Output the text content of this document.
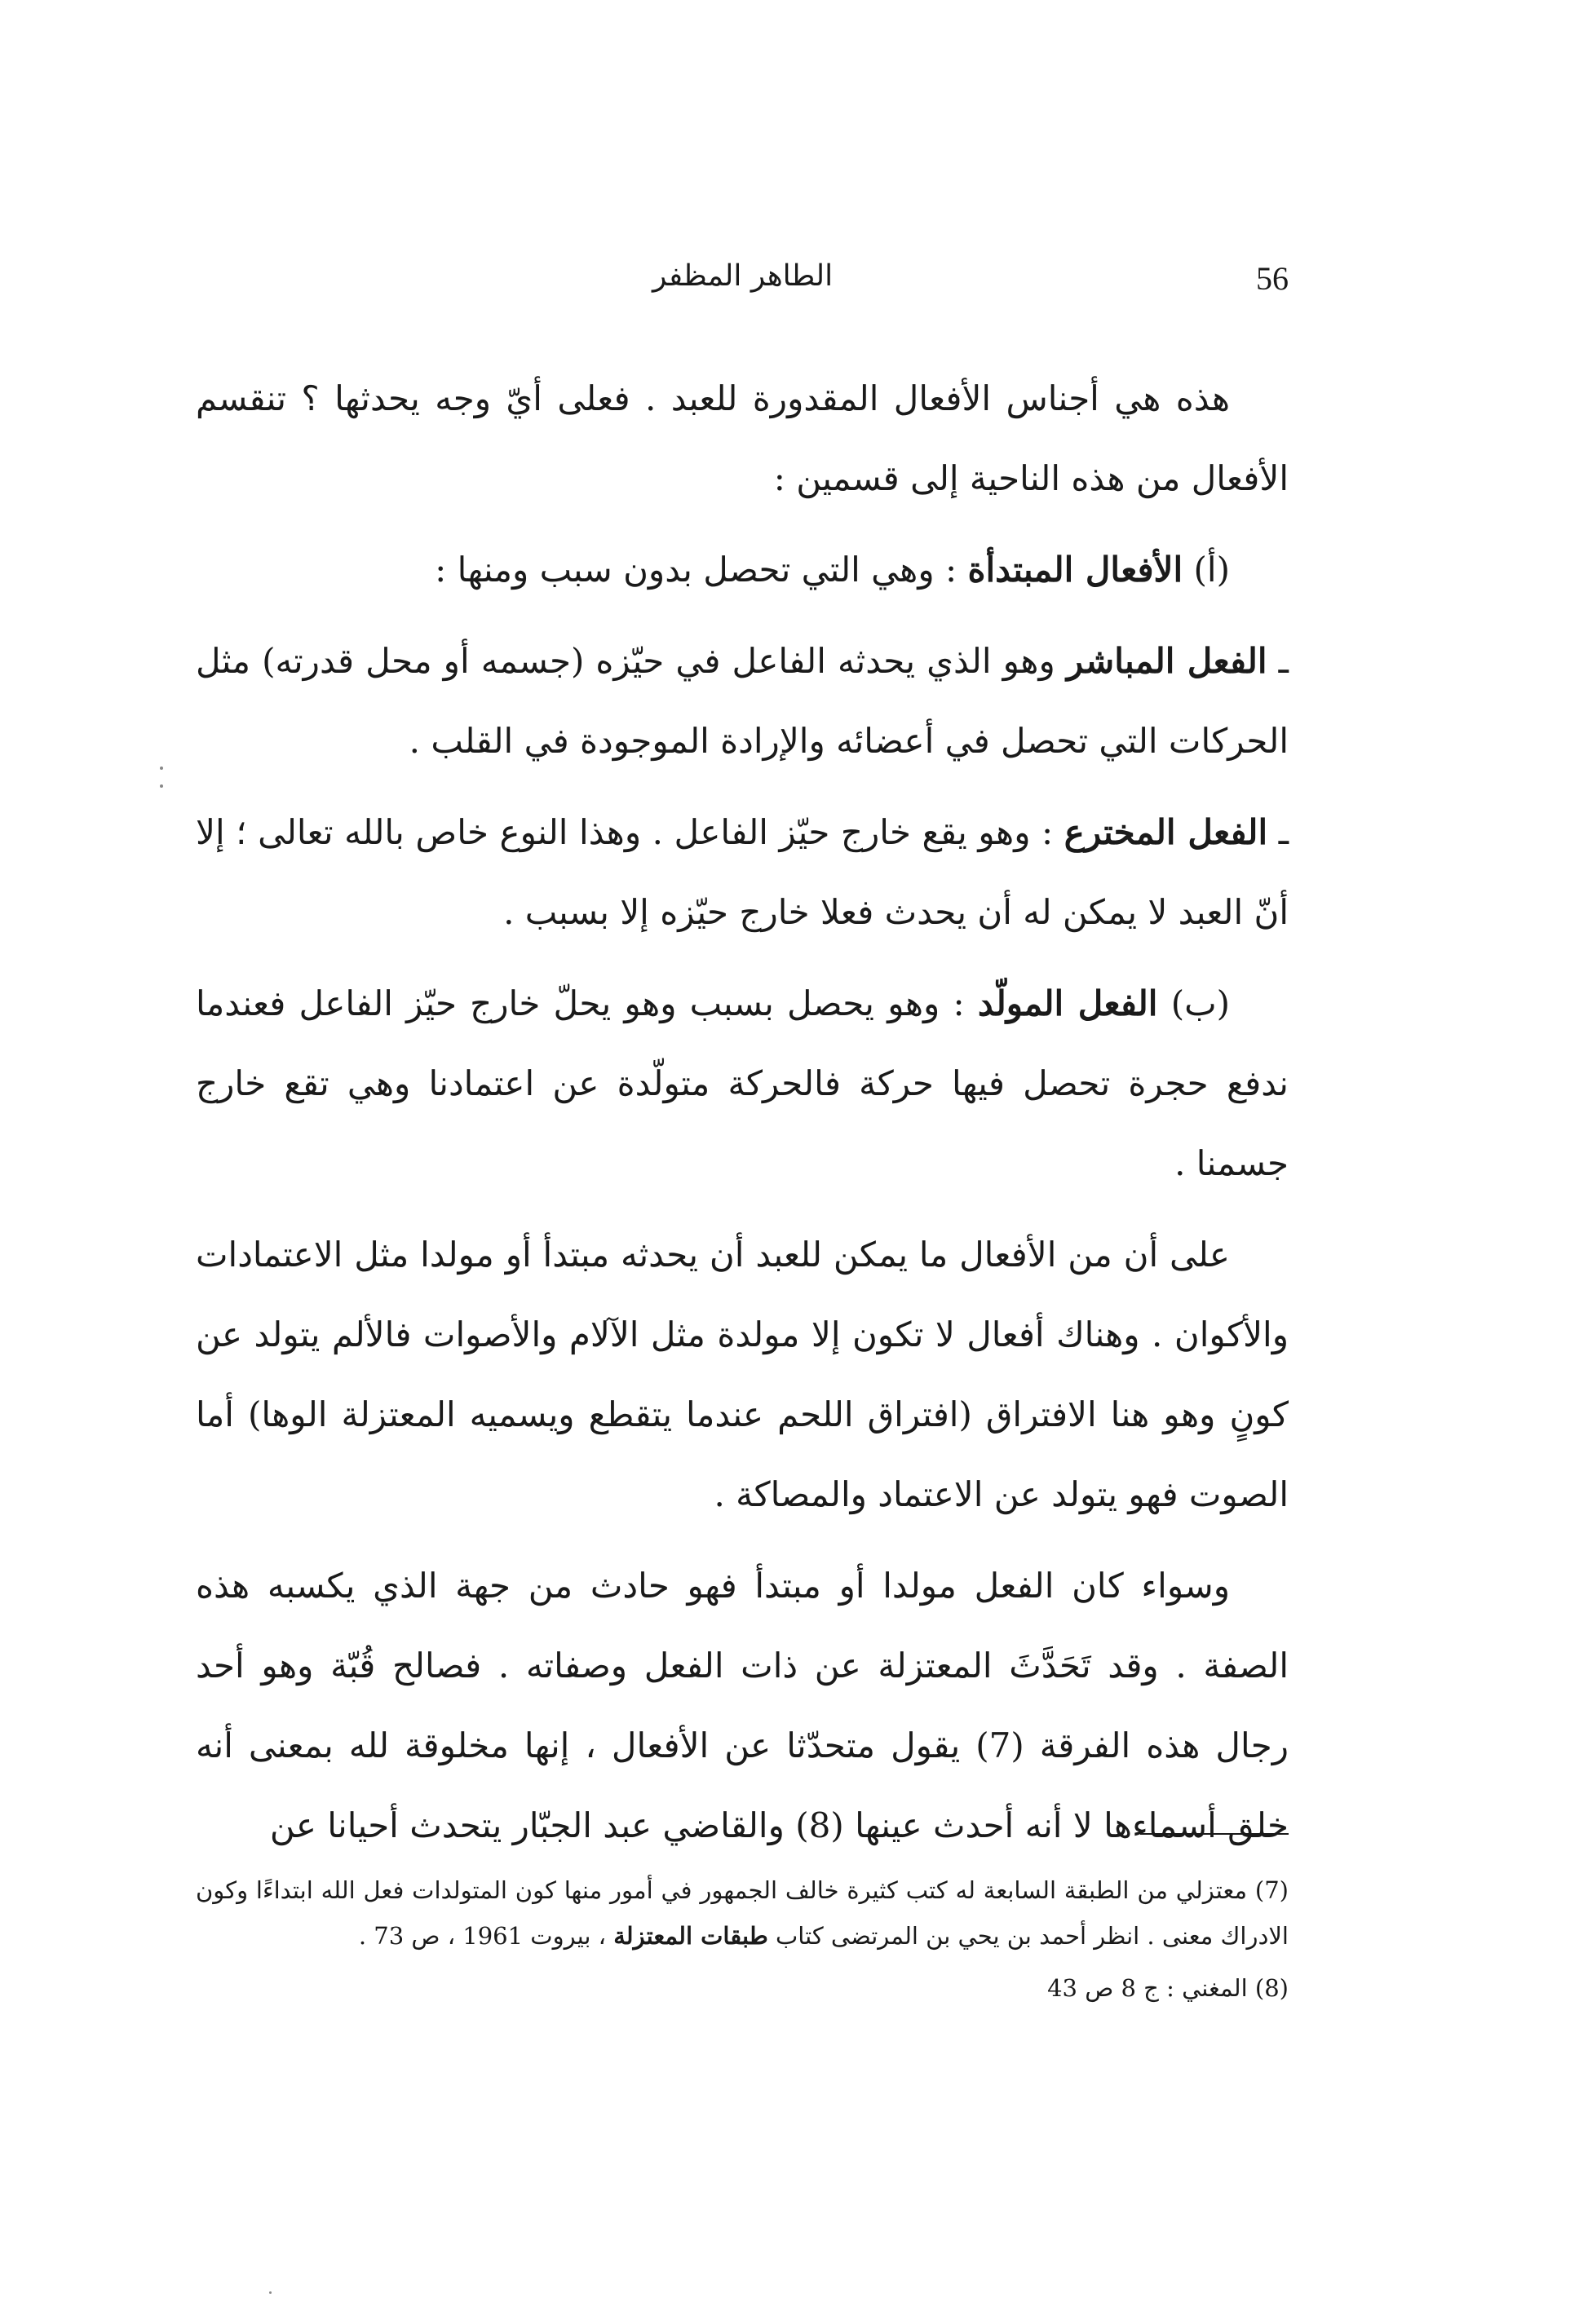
56
الطاهر المظفر

هذه هي أجناس الأفعال المقدورة للعبد . فعلى أيّ وجه يحدثها ؟ تنقسم الأفعال من هذه الناحية إلى قسمين :

(أ) الأفعال المبتدأة : وهي التي تحصل بدون سبب ومنها :

ـ الفعل المباشر وهو الذي يحدثه الفاعل في حيّزه (جسمه أو محل قدرته) مثل الحركات التي تحصل في أعضائه والإرادة الموجودة في القلب .

ـ الفعل المخترع : وهو يقع خارج حيّز الفاعل . وهذا النوع خاص بالله تعالى ؛ إلا أنّ العبد لا يمكن له أن يحدث فعلا خارج حيّزه إلا بسبب .

(ب) الفعل المولّد : وهو يحصل بسبب وهو يحلّ خارج حيّز الفاعل فعندما ندفع حجرة تحصل فيها حركة فالحركة متولّدة عن اعتمادنا وهي تقع خارج جسمنا .

على أن من الأفعال ما يمكن للعبد أن يحدثه مبتدأ أو مولدا مثل الاعتمادات والأكوان . وهناك أفعال لا تكون إلا مولدة مثل الآلام والأصوات فالألم يتولد عن كونٍ وهو هنا الافتراق (افتراق اللحم عندما يتقطع ويسميه المعتزلة الوها) أما الصوت فهو يتولد عن الاعتماد والمصاكة .

وسواء كان الفعل مولدا أو مبتدأ فهو حادث من جهة الذي يكسبه هذه الصفة . وقد تَحَدَّثَ المعتزلة عن ذات الفعل وصفاته . فصالح قُبّة وهو أحد رجال هذه الفرقة (7) يقول متحدّثا عن الأفعال ، إنها مخلوقة لله بمعنى أنه خلق أسماءها لا أنه أحدث عينها (8) والقاضي عبد الجبّار يتحدث أحيانا عن

(7) معتزلي من الطبقة السابعة له كتب كثيرة خالف الجمهور في أمور منها كون المتولدات فعل الله ابتداءًا وكون الادراك معنى . انظر أحمد بن يحي بن المرتضى كتاب طبقات المعتزلة ، بيروت 1961 ، ص 73 .

(8) المغني : ج 8 ص 43
